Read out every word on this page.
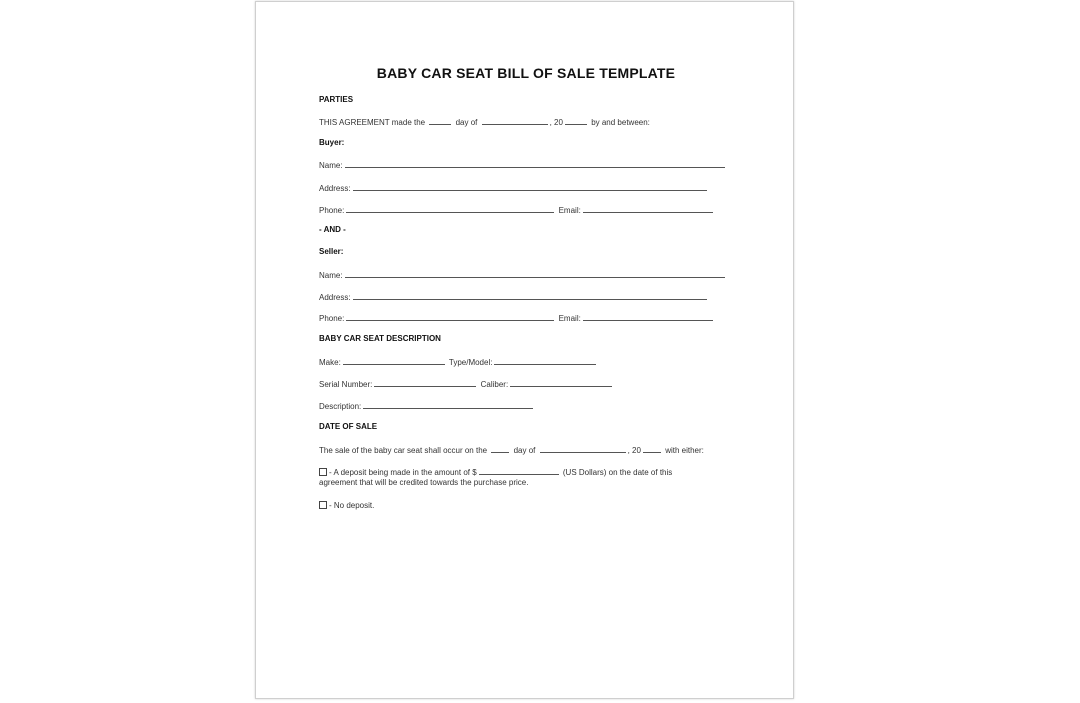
BABY CAR SEAT BILL OF SALE TEMPLATE
PARTIES
THIS AGREEMENT made the	day of	, 20	by and between:
Buyer:
Name:
Address:
Phone:	Email:
- AND -
Seller:
Name:
Address:
Phone:	Email:
BABY CAR SEAT DESCRIPTION
Make:	Type/Model:
Serial Number:	Caliber:
Description:
DATE OF SALE
The sale of the baby car seat shall occur on the	day of	, 20	with either:
- A deposit being made in the amount of $	(US Dollars) on the date of this
agreement that will be credited towards the purchase price.
- No deposit.
